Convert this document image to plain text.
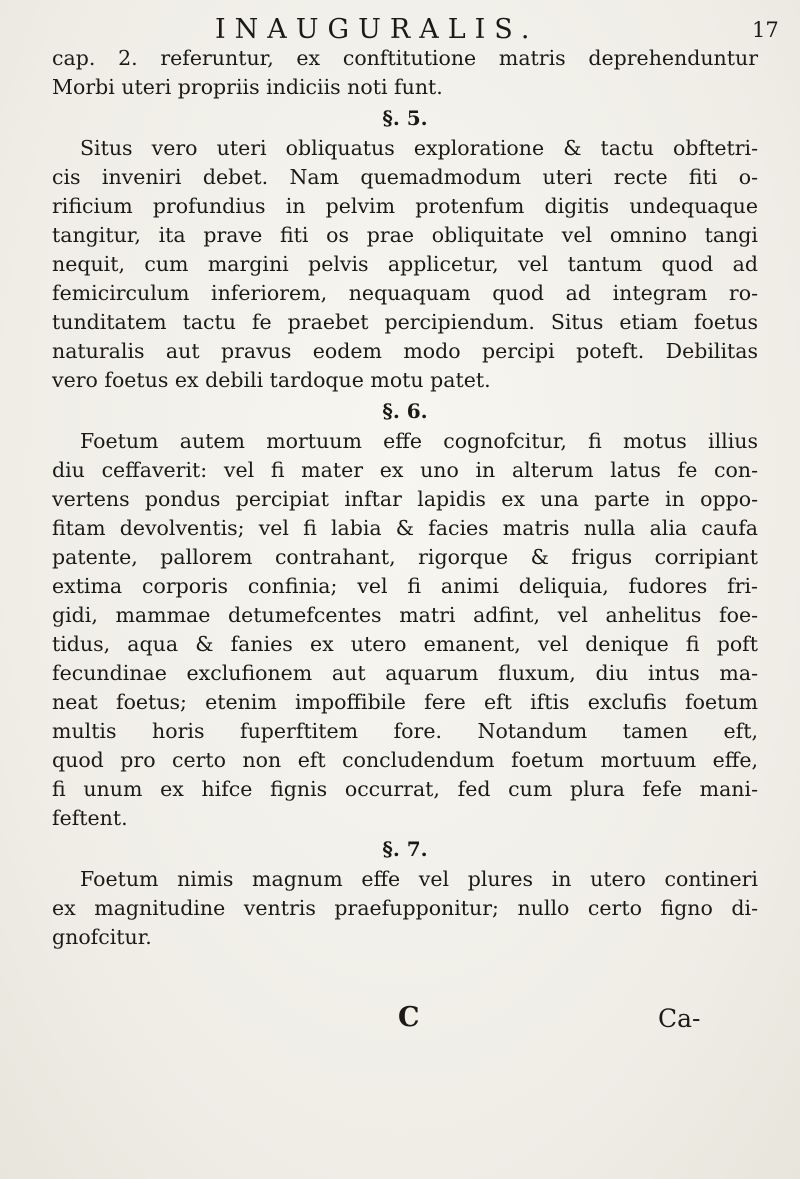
INAUGURALIS.	17
cap. 2. referuntur, ex conftitutione matris deprehenduntur
Morbi uteri propriis indiciis noti funt.
§. 5.
Situs vero uteri obliquatus exploratione & tactu obftetri-
cis inveniri debet. Nam quemadmodum uteri recte fiti o-
rificium profundius in pelvim protenfum digitis undequaque
tangitur, ita prave fiti os prae obliquitate vel omnino tangi
nequit, cum margini pelvis applicetur, vel tantum quod ad
femicirculum inferiorem, nequaquam quod ad integram ro-
tunditatem tactu fe praebet percipiendum. Situs etiam foetus
naturalis aut pravus eodem modo percipi poteft. Debilitas
vero foetus ex debili tardoque motu patet.
§. 6.
Foetum autem mortuum effe cognofcitur, fi motus illius
diu ceffaverit: vel fi mater ex uno in alterum latus fe con-
vertens pondus percipiat inftar lapidis ex una parte in oppo-
fitam devolventis; vel fi labia & facies matris nulla alia caufa
patente, pallorem contrahant, rigorque & frigus corripiant
extima corporis confinia; vel fi animi deliquia, fudores fri-
gidi, mammae detumefcentes matri adfint, vel anhelitus foe-
tidus, aqua & fanies ex utero emanent, vel denique fi poft
fecundinae exclufionem aut aquarum fluxum, diu intus ma-
neat foetus; etenim impoffibile fere eft iftis exclufis foetum
multis horis fuperftitem fore. Notandum tamen eft,
quod pro certo non eft concludendum foetum mortuum effe,
fi unum ex hifce fignis occurrat, fed cum plura fefe mani-
feftent.
§. 7.
Foetum nimis magnum effe vel plures in utero contineri
ex magnitudine ventris praefupponitur; nullo certo figno di-
gnofcitur.
C	Ca-
